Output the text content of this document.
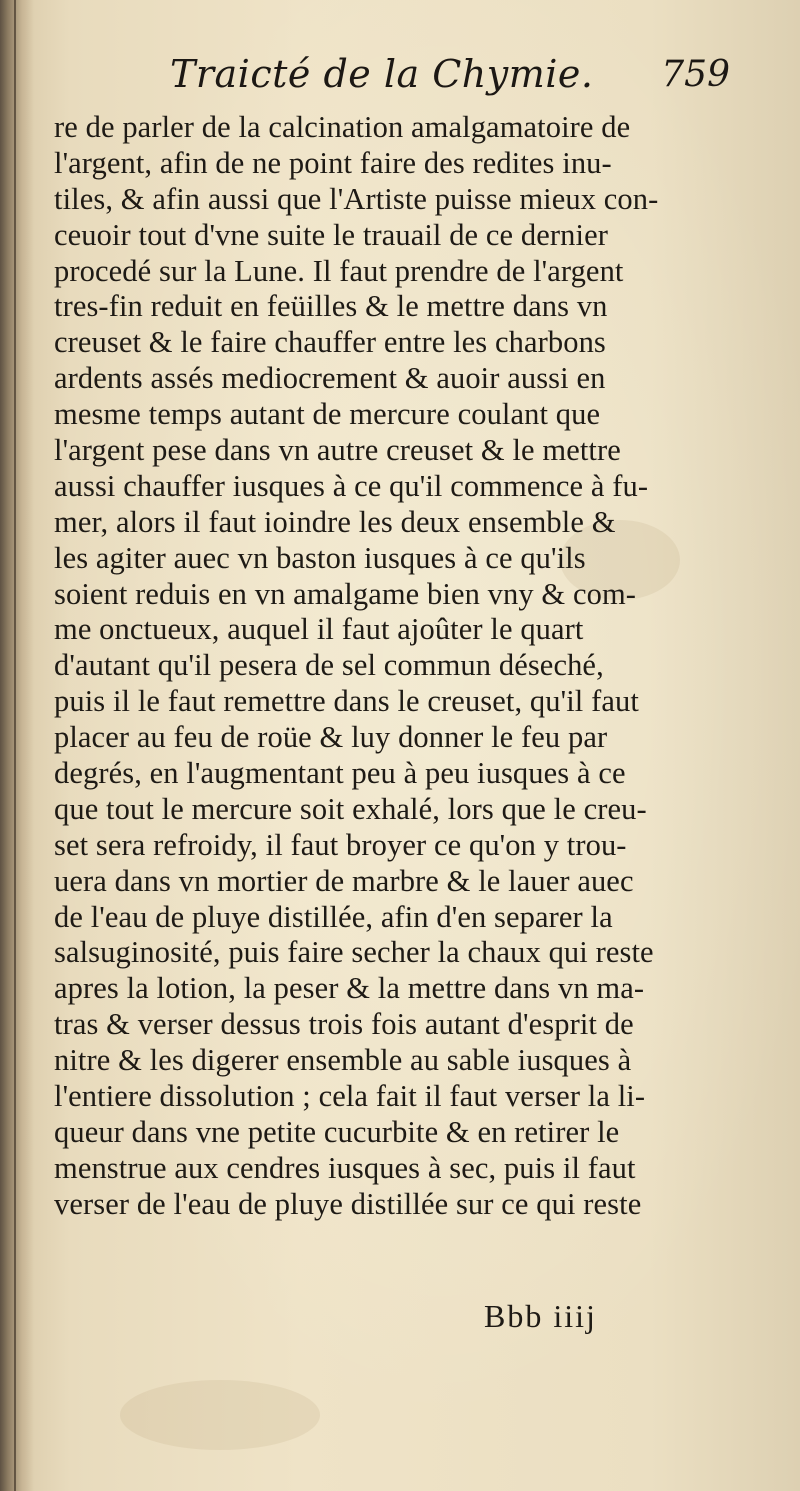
Traicté de la Chymie. 759
re de parler de la calcination amalgamatoire de
l'argent, afin de ne point faire des redites inu-
tiles, & afin aussi que l'Artiste puisse mieux con-
ceuoir tout d'vne suite le trauail de ce dernier
procedé sur la Lune. Il faut prendre de l'argent
tres-fin reduit en feüilles & le mettre dans vn
creuset & le faire chauffer entre les charbons
ardents assés mediocrement & auoir aussi en
mesme temps autant de mercure coulant que
l'argent pese dans vn autre creuset & le mettre
aussi chauffer iusques à ce qu'il commence à fu-
mer, alors il faut ioindre les deux ensemble &
les agiter auec vn baston iusques à ce qu'ils
soient reduis en vn amalgame bien vny & com-
me onctueux, auquel il faut ajoûter le quart
d'autant qu'il pesera de sel commun déseché,
puis il le faut remettre dans le creuset, qu'il faut
placer au feu de roüe & luy donner le feu par
degrés, en l'augmentant peu à peu iusques à ce
que tout le mercure soit exhalé, lors que le creu-
set sera refroidy, il faut broyer ce qu'on y trou-
uera dans vn mortier de marbre & le lauer auec
de l'eau de pluye distillée, afin d'en separer la
salsuginosité, puis faire secher la chaux qui reste
apres la lotion, la peser & la mettre dans vn ma-
tras & verser dessus trois fois autant d'esprit de
nitre & les digerer ensemble au sable iusques à
l'entiere dissolution ; cela fait il faut verser la li-
queur dans vne petite cucurbite & en retirer le
menstrue aux cendres iusques à sec, puis il faut
verser de l'eau de pluye distillée sur ce qui reste
Bbb iiij
